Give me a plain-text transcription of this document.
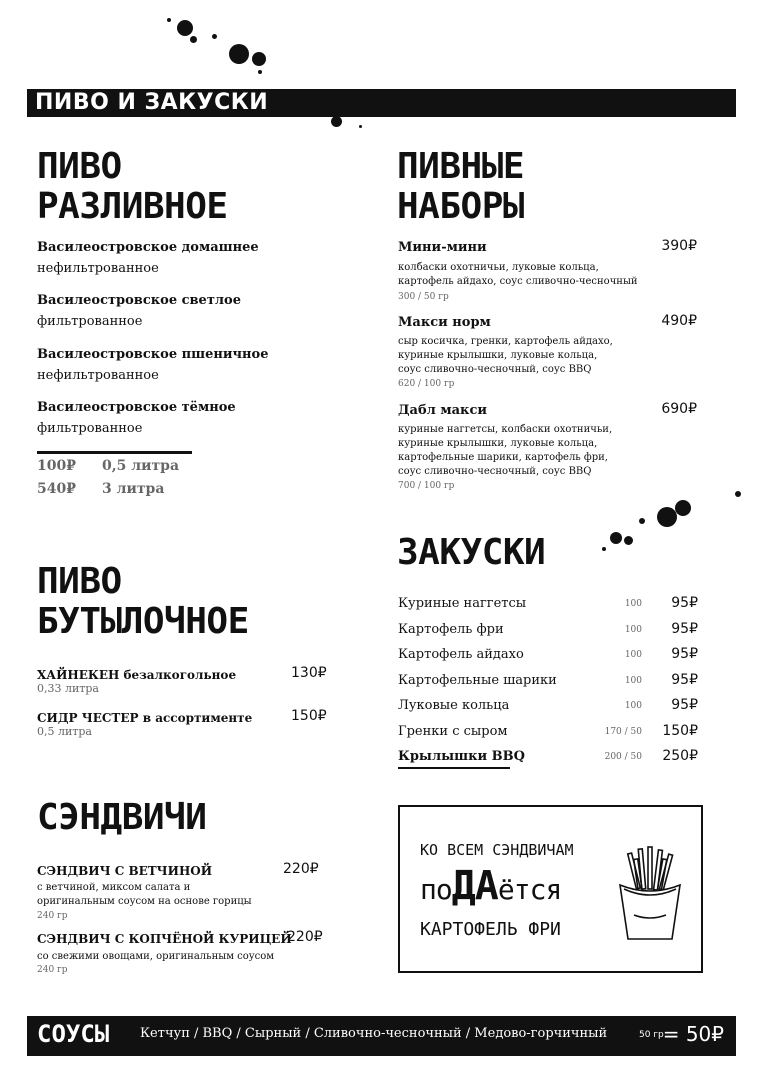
ПИВО И ЗАКУСКИ
ПИВО
РАЗЛИВНОЕ
Василеостровское домашнее
нефильтрованное
Василеостровское светлое
фильтрованное
Василеостровское пшеничное
нефильтрованное
Василеостровское тёмное
фильтрованное
100₽ 0,5 литра
540₽ 3 литра
ПИВО
БУТЫЛОЧНОЕ
ХАЙНЕКЕН безалкогольное	130₽
0,33 литра
СИДР ЧЕСТЕР в ассортименте	150₽
0,5 литра
СЭНДВИЧИ
СЭНДВИЧ С ВЕТЧИНОЙ	220₽
с ветчиной, миксом салата и
оригинальным соусом на основе горицы
240 гр
СЭНДВИЧ С КОПЧЁНОЙ КУРИЦЕЙ
220₽
со свежими овощами, оригинальным соусом
240 гр
ПИВНЫЕ
НАБОРЫ
Мини-мини	390₽
колбаски охотничьи, луковые кольца,
картофель айдахо, соус сливочно-чесночный
300 / 50 гр
Макси норм	490₽
сыр косичка, гренки, картофель айдахо,
куриные крылышки, луковые кольца,
соус сливочно-чесночный, соус BBQ
620 / 100 гр
Дабл макси	690₽
куриные наггетсы, колбаски охотничьи,
куриные крылышки, луковые кольца,
картофельные шарики, картофель фри,
соус сливочно-чесночный, соус BBQ
700 / 100 гр
ЗАКУСКИ
Куриные наггетсы	100 95₽
Картофель фри	100 95₽
Картофель айдахо	100 95₽
Картофельные шарики	100 95₽
Луковые кольца	100 95₽
Гренки с сыром	170 / 50 150₽
Крылышки BBQ	200 / 50 250₽
КО ВСЕМ СЭНДВИЧАМ
поДАётся
КАРТОФЕЛЬ ФРИ
СОУСЫ Кетчуп / BBQ / Сырный / Сливочно-чесночный / Медово-горчичный	50 гр
= 50₽
